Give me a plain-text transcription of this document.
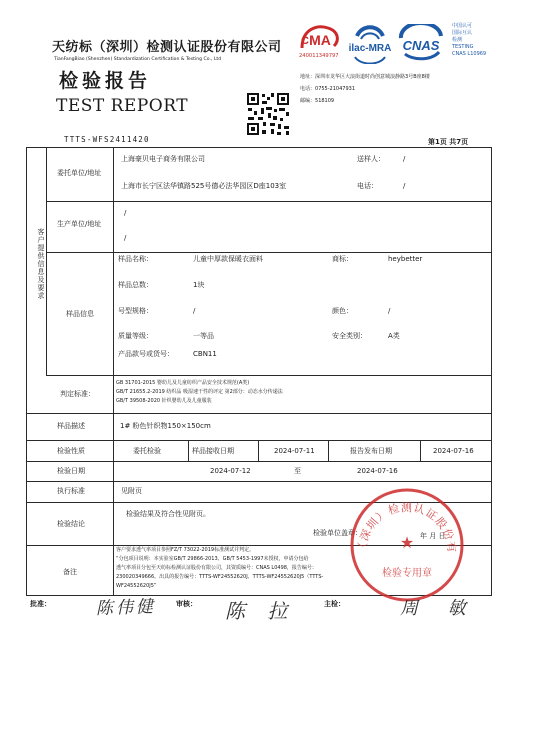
天纺标（深圳）检测认证股份有限公司
TianFangBiao (Shenzhen) Standardization Certification & Testing Co., Ltd
检验报告
TEST REPORT
TTTS-WFS2411420
MA
C
240011349797
ilac-MRA CNAS
中国认可
国际互认
检测
TESTING
CNAS L10969
地址：深圳市龙华区大浪街道时尚创意城浪静路3号B座8楼
电话：0755-21047931
邮编：518109
第1页 共7页
客户提供信息及要求
委托单位/地址
上海豪贝电子商务有限公司	送样人：	/
上海市长宁区法华镇路525号德必法华园区D座103室	电话：	/
生产单位/地址
/
/
样品信息
样品名称：	儿童中厚款保暖衣面料	商标：	heybetter
样品总数：	1块
号型规格：	/	颜色：	/
质量等级：	一等品	安全类别：	A类
产品款号或货号：	CBN11
判定标准：
GB 31701-2015 婴幼儿及儿童纺织产品安全技术规范(A类)
GB/T 21655.2-2019 纺织品 吸湿速干性的评定 第2部分：动态水分传递法
GB/T 39508-2020 针织婴幼儿及儿童服装
样品描述	1# 粉色针织物150×150cm
检验性质	委托检验	样品接收日期	2024-07-11	报告发布日期	2024-07-16
检验日期	2024-07-12	至	2024-07-16
执行标准	见附页
检验结论
检验结果及符合性见附页。
检验单位盖章：	年 月 日
备注
客户要求透气率项目参照FZ/T 73022-2019标准测试并判定。
“分包项目说明：本实验室GB/T 29866-2013、GB/T 5453-1997未授权，申请分包给
透气率项目分包至天纺标检测认证股份有限公司，其资质编号：CNAS L0498，报告编号：
230020349666。出具的报告编号：TTTS-WF24552620J、TTTS-WF24552620J5（TTTS-
WF24552620J5”
（深圳）检测认证股份有
★
检验专用章
批准：	审核：	主检：
陈伟健	陈 拉	周 敏
